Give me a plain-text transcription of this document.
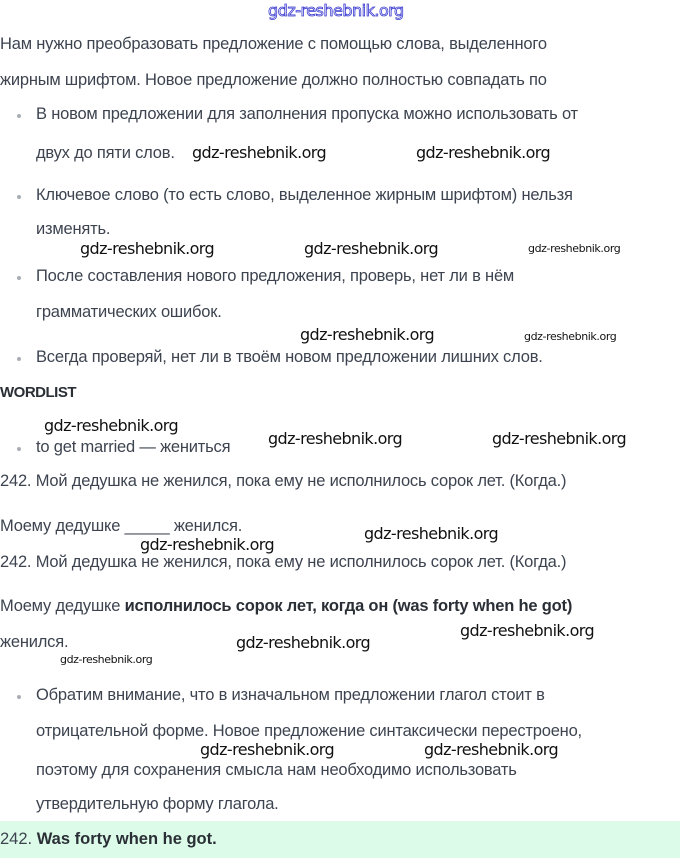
gdz-reshebnik.org
Нам нужно преобразовать предложение с помощью слова, выделенного
жирным шрифтом. Новое предложение должно полностью совпадать по
В новом предложении для заполнения пропуска можно использовать от
двух до пяти слов.
Ключевое слово (то есть слово, выделенное жирным шрифтом) нельзя
изменять.
После составления нового предложения, проверь, нет ли в нём
грамматических ошибок.
Всегда проверяй, нет ли в твоём новом предложении лишних слов.
WORDLIST
to get married — жениться
242. Мой дедушка не женился, пока ему не исполнилось сорок лет. (Когда.)
Моему дедушке _____ женился.
242. Мой дедушка не женился, пока ему не исполнилось сорок лет. (Когда.)
Моему дедушке исполнилось сорок лет, когда он (was forty when he got)
женился.
Обратим внимание, что в изначальном предложении глагол стоит в
отрицательной форме. Новое предложение синтаксически перестроено,
поэтому для сохранения смысла нам необходимо использовать
утвердительную форму глагола.
242. Was forty when he got.
gdz-reshebnik.org	gdz-reshebnik.org
gdz-reshebnik.org	gdz-reshebnik.org	gdz-reshebnik.org
gdz-reshebnik.org	gdz-reshebnik.org
gdz-reshebnik.org
gdz-reshebnik.org	gdz-reshebnik.org
gdz-reshebnik.org
gdz-reshebnik.org
gdz-reshebnik.org
gdz-reshebnik.org
gdz-reshebnik.org
gdz-reshebnik.org	gdz-reshebnik.org
